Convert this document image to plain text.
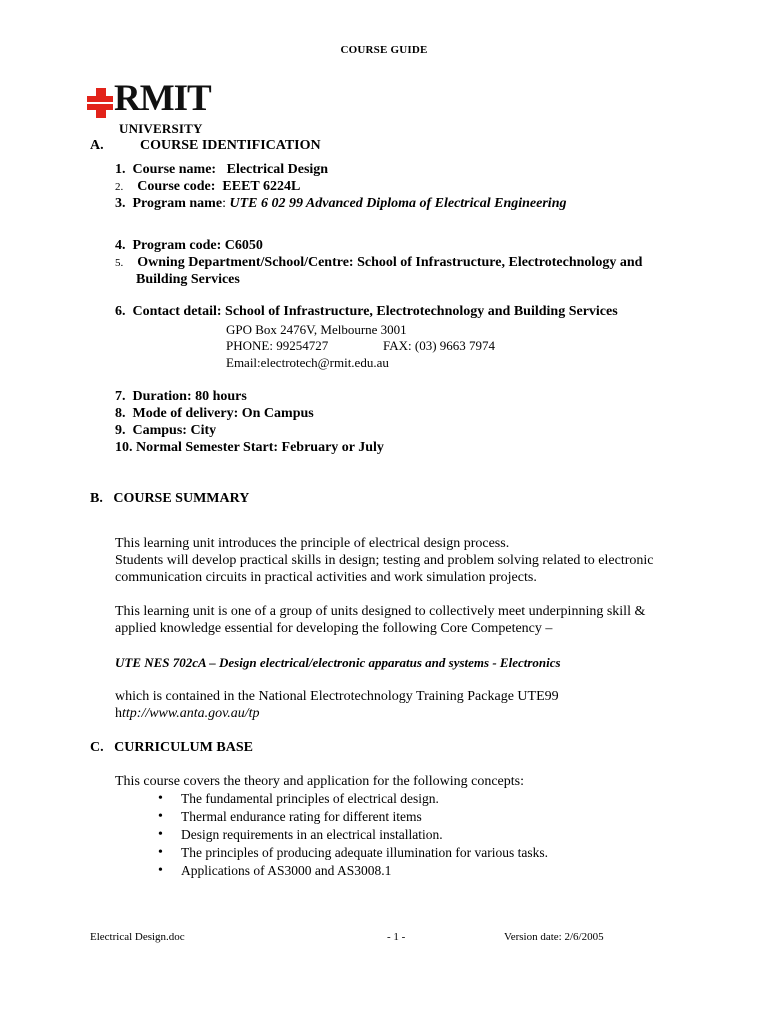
COURSE GUIDE
RMIT
UNIVERSITY
A.	COURSE IDENTIFICATION
1. Course name: Electrical Design
2. Course code: EEET 6224L
3. Program name: UTE 6 02 99 Advanced Diploma of Electrical Engineering
4. Program code: C6050
5. Owning Department/School/Centre: School of Infrastructure, Electrotechnology and
Building Services
6. Contact detail: School of Infrastructure, Electrotechnology and Building Services
GPO Box 2476V, Melbourne 3001
PHONE: 99254727	FAX: (03) 9663 7974
Email:electrotech@rmit.edu.au
7. Duration: 80 hours
8. Mode of delivery: On Campus
9. Campus: City
10. Normal Semester Start: February or July
B.   COURSE SUMMARY
This learning unit introduces the principle of electrical design process.
Students will develop practical skills in design; testing and problem solving related to electronic
communication circuits in practical activities and work simulation projects.
This learning unit is one of a group of units designed to collectively meet underpinning skill &
applied knowledge essential for developing the following Core Competency –
UTE NES 702cA – Design electrical/electronic apparatus and systems - Electronics
which is contained in the National Electrotechnology Training Package UTE99
http://www.anta.gov.au/tp
C.   CURRICULUM BASE
This course covers the theory and application for the following concepts:
• The fundamental principles of electrical design.
• Thermal endurance rating for different items
• Design requirements in an electrical installation.
• The principles of producing adequate illumination for various tasks.
• Applications of AS3000 and AS3008.1
Electrical Design.doc	- 1 -	Version date: 2/6/2005
